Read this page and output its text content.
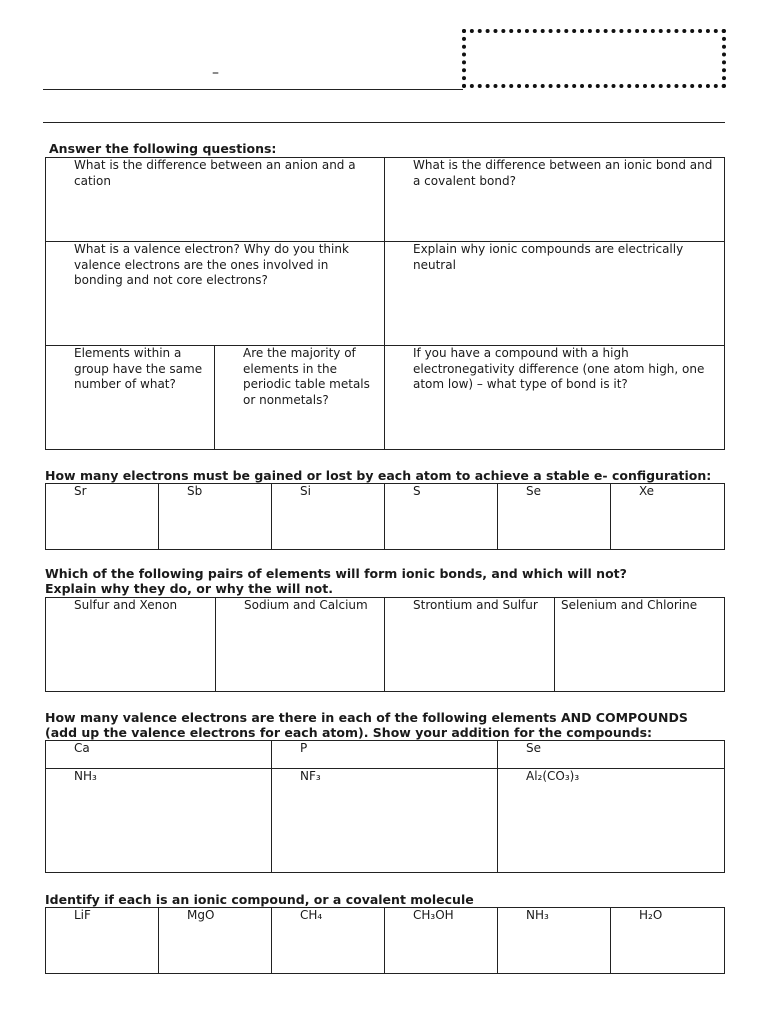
–
Answer the following questions:
What is the difference between an anion and a cation		What is the difference between an ionic bond and a covalent bond?

What is a valence electron? Why do you think valence electrons are the ones involved in bonding and not core electrons?		Explain why ionic compounds are electrically neutral

Elements within a group have the same number of what?	Are the majority of elements in the periodic table metals or nonmetals?	If you have a compound with a high electronegativity difference (one atom high, one atom low) – what type of bond is it?
How many electrons must be gained or lost by each atom to achieve a stable e- configuration:
Sr	Sb	Si	S	Se	Xe
Which of the following pairs of elements will form ionic bonds, and which will not?
Explain why they do, or why the will not.
Sulfur and Xenon	Sodium and Calcium	Strontium and Sulfur	Selenium and Chlorine
How many valence electrons are there in each of the following elements AND COMPOUNDS
(add up the valence electrons for each atom). Show your addition for the compounds:
Ca	P	Se

NH₃	NF₃	Al₂(CO₃)₃
Identify if each is an ionic compound, or a covalent molecule
LiF	MgO	CH₄	CH₃OH	NH₃	H₂O
